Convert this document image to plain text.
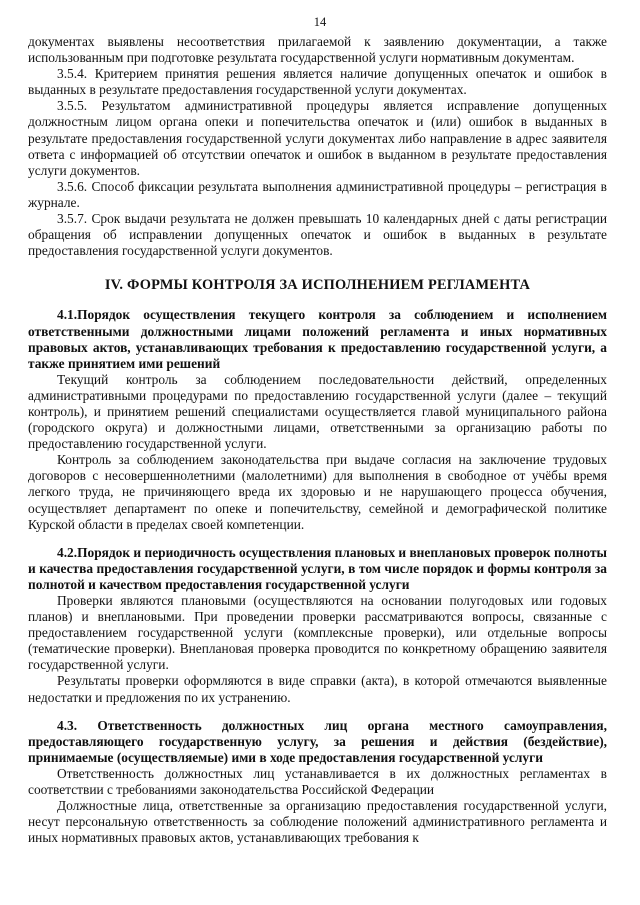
14

документах выявлены несоответствия прилагаемой к заявлению документации, а также использованным при подготовке результата государственной услуги нормативным документам.

3.5.4. Критерием принятия решения является наличие допущенных опечаток и ошибок в выданных в результате предоставления государственной услуги документах.

3.5.5. Результатом административной процедуры является исправление допущенных должностным лицом органа опеки и попечительства опечаток и (или) ошибок в выданных в результате предоставления государственной услуги документах либо направление в адрес заявителя ответа с информацией об отсутствии опечаток и ошибок в выданном в результате предоставления услуги документов.

3.5.6. Способ фиксации результата выполнения административной процедуры – регистрация в журнале.

3.5.7. Срок выдачи результата не должен превышать 10 календарных дней с даты регистрации обращения об исправлении допущенных опечаток и ошибок в выданных в результате предоставления государственной услуги документов.

IV. ФОРМЫ КОНТРОЛЯ ЗА ИСПОЛНЕНИЕМ РЕГЛАМЕНТА

4.1.Порядок осуществления текущего контроля за соблюдением и исполнением ответственными должностными лицами положений регламента и иных нормативных правовых актов, устанавливающих требования к предоставлению государственной услуги, а также принятием ими решений

Текущий контроль за соблюдением последовательности действий, определенных административными процедурами по предоставлению государственной услуги (далее – текущий контроль), и принятием решений специалистами осуществляется главой муниципального района (городского округа) и должностными лицами, ответственными за организацию работы по предоставлению государственной услуги.

Контроль за соблюдением законодательства при выдаче согласия на заключение трудовых договоров с несовершеннолетними (малолетними) для выполнения в свободное от учёбы время легкого труда, не причиняющего вреда их здоровью и не нарушающего процесса обучения, осуществляет департамент по опеке и попечительству, семейной и демографической политике Курской области в пределах своей компетенции.

4.2.Порядок и периодичность осуществления плановых и внеплановых проверок полноты и качества предоставления государственной услуги, в том числе порядок и формы контроля за полнотой и качеством предоставления государственной услуги

Проверки являются плановыми (осуществляются на основании полугодовых или годовых планов) и внеплановыми. При проведении проверки рассматриваются вопросы, связанные с предоставлением государственной услуги (комплексные проверки), или отдельные вопросы (тематические проверки). Внеплановая проверка проводится по конкретному обращению заявителя государственной услуги.

Результаты проверки оформляются в виде справки (акта), в которой отмечаются выявленные недостатки и предложения по их устранению.

4.3. Ответственность должностных лиц органа местного самоуправления, предоставляющего государственную услугу, за решения и действия (бездействие), принимаемые (осуществляемые) ими в ходе предоставления государственной услуги

Ответственность должностных лиц устанавливается в их должностных регламентах в соответствии с требованиями законодательства Российской Федерации

Должностные лица, ответственные за организацию предоставления государственной услуги, несут персональную ответственность за соблюдение положений административного регламента и иных нормативных правовых актов, устанавливающих требования к
